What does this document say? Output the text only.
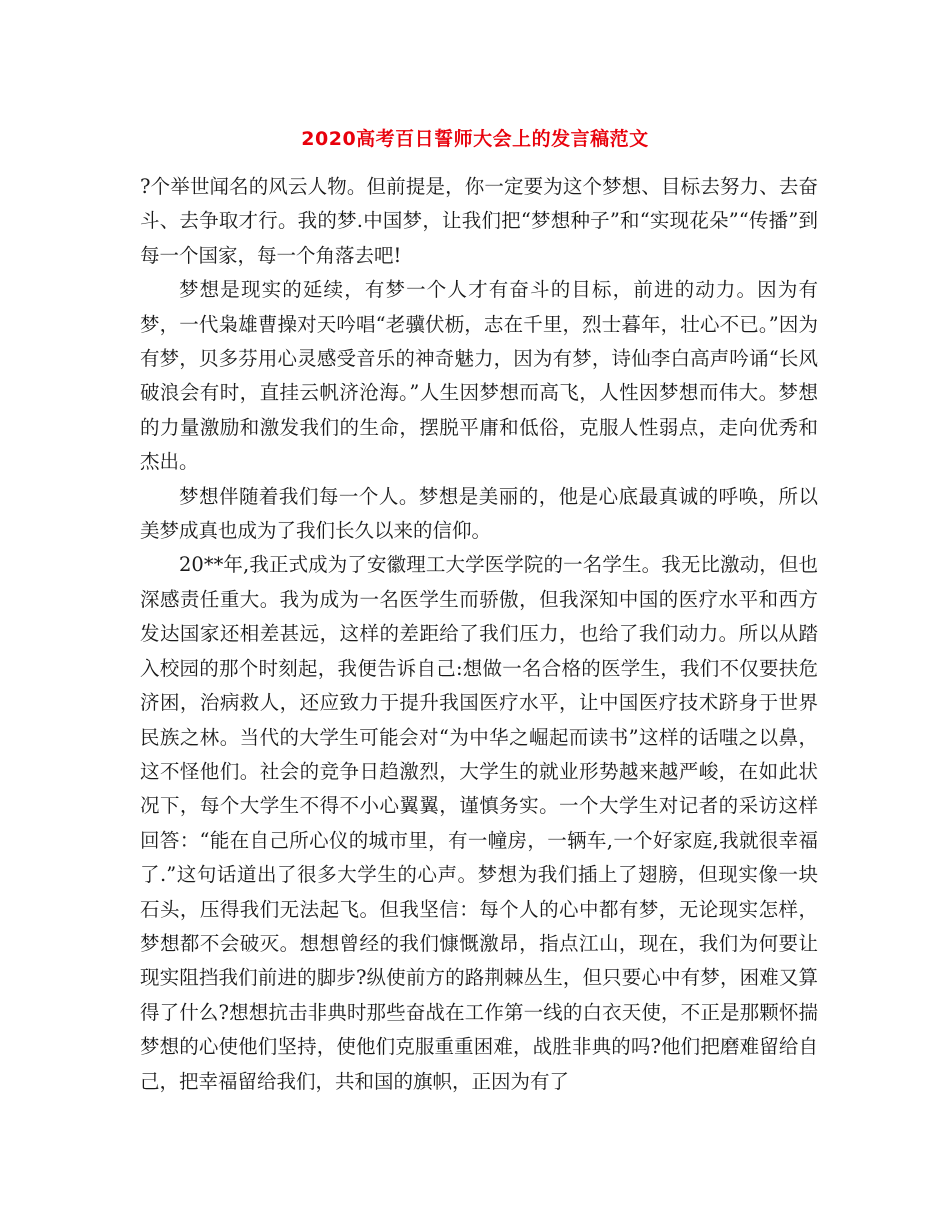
2020高考百日誓师大会上的发言稿范文

?个举世闻名的风云人物。但前提是，你一定要为这个梦想、目标去努力、去奋斗、去争取才行。我的梦.中国梦，让我们把“梦想种子”和“实现花朵”“传播”到每一个国家，每一个角落去吧!

梦想是现实的延续，有梦一个人才有奋斗的目标，前进的动力。因为有梦，一代枭雄曹操对天吟唱“老骥伏枥，志在千里，烈士暮年，壮心不已。”因为有梦，贝多芬用心灵感受音乐的神奇魅力，因为有梦，诗仙李白高声吟诵“长风破浪会有时，直挂云帆济沧海。”人生因梦想而高飞，人性因梦想而伟大。梦想的力量激励和激发我们的生命，摆脱平庸和低俗，克服人性弱点，走向优秀和杰出。

梦想伴随着我们每一个人。梦想是美丽的，他是心底最真诚的呼唤，所以美梦成真也成为了我们长久以来的信仰。

20**年,我正式成为了安徽理工大学医学院的一名学生。我无比激动，但也深感责任重大。我为成为一名医学生而骄傲，但我深知中国的医疗水平和西方发达国家还相差甚远，这样的差距给了我们压力，也给了我们动力。所以从踏入校园的那个时刻起，我便告诉自己:想做一名合格的医学生，我们不仅要扶危济困，治病救人，还应致力于提升我国医疗水平，让中国医疗技术跻身于世界民族之林。当代的大学生可能会对“为中华之崛起而读书”这样的话嗤之以鼻，这不怪他们。社会的竞争日趋激烈，大学生的就业形势越来越严峻，在如此状况下，每个大学生不得不小心翼翼，谨慎务实。一个大学生对记者的采访这样回答：“能在自己所心仪的城市里，有一幢房，一辆车,一个好家庭,我就很幸福了.”这句话道出了很多大学生的心声。梦想为我们插上了翅膀，但现实像一块石头，压得我们无法起飞。但我坚信：每个人的心中都有梦，无论现实怎样，梦想都不会破灭。想想曾经的我们慷慨激昂，指点江山，现在，我们为何要让现实阻挡我们前进的脚步?纵使前方的路荆棘丛生，但只要心中有梦，困难又算得了什么?想想抗击非典时那些奋战在工作第一线的白衣天使，不正是那颗怀揣梦想的心使他们坚持，使他们克服重重困难，战胜非典的吗?他们把磨难留给自己，把幸福留给我们，共和国的旗帜，正因为有了
